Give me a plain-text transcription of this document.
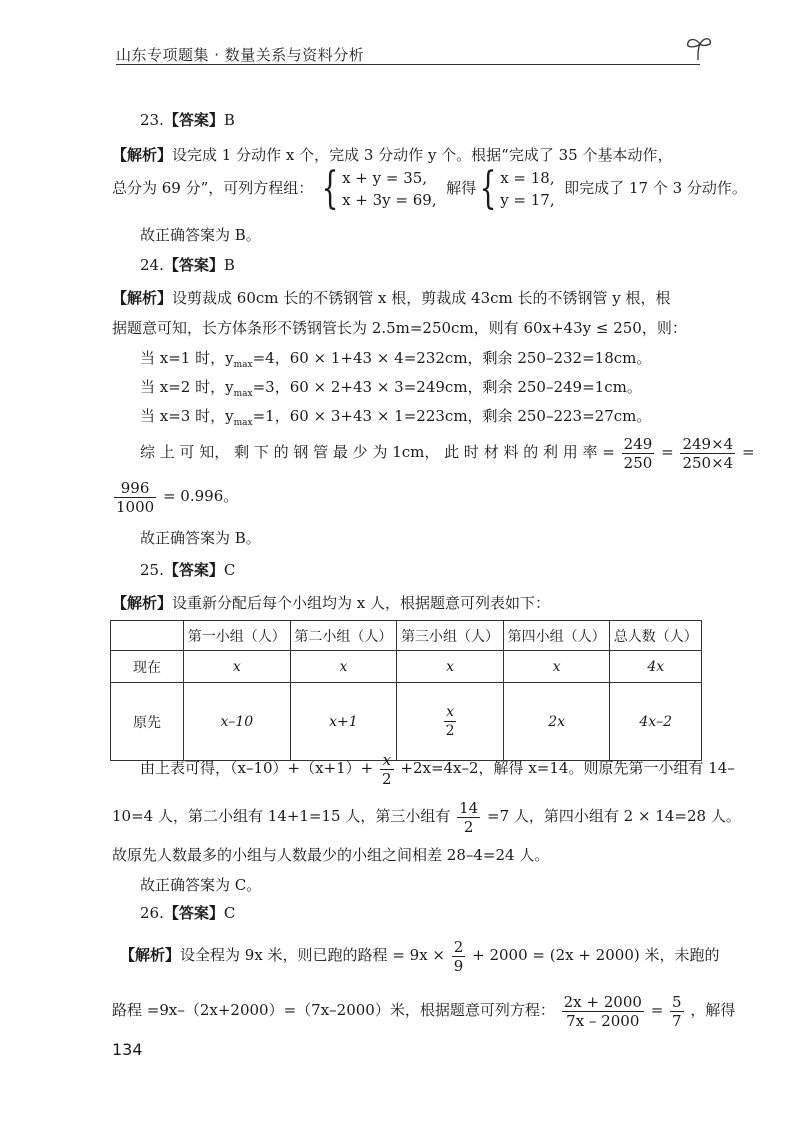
山东专项题集 · 数量关系与资料分析
23.【答案】B
【解析】设完成 1 分动作 x 个，完成 3 分动作 y 个。根据“完成了 35 个基本动作，
总分为 69 分”，可列方程组： { x + y = 35,
x + 3y = 69,
解得{ x = 18,
y = 17,
即完成了 17 个 3 分动作。
故正确答案为 B。
24.【答案】B
【解析】设剪裁成 60cm 长的不锈钢管 x 根，剪裁成 43cm 长的不锈钢管 y 根，根
据题意可知，长方体条形不锈钢管长为 2.5m=250cm，则有 60x+43y ≤ 250，则：
当 x=1 时，$y_{max}=4$，60 × 1+43 × 4=232cm，剩余 250–232=18cm。
当 x=2 时，$y_{max}=3$，60 × 2+43 × 3=249cm，剩余 250–249=1cm。
当 x=3 时，$y_{max}=1$，60 × 3+43 × 1=223cm，剩余 250–223=27cm。
综 上 可 知， 剩 下 的 钢 管 最 少 为 1cm， 此 时 材 料 的 利 用 率 = $\frac{249}{250} = \frac{249\times 4}{250\times 4}$ =
$\frac{996}{1000} = 0.996$。
故正确答案为 B。
25.【答案】C
【解析】设重新分配后每个小组均为 x 人，根据题意可列表如下：
	第一小组（人）	第二小组（人）	第三小组（人）	第四小组（人）	总人数（人）
现在	x	x	x	x	4x
原先	x–10	x+1	$\frac{x}{2}$	2x	4x–2
由上表可得，$(x-10)+(x+1)+ \frac{x}{2} +2x=4x-2$，解得 x=14。则原先第一小组有 14–
10=4 人，第二小组有 14+1=15 人，第三小组有 $\frac{14}{2} =7$ 人，第四小组有 2 × 14=28 人。
故原先人数最多的小组与人数最少的小组之间相差 28–4=24 人。
故正确答案为 C。
26.【答案】C
【解析】设全程为 9x 米，则已跑的路程 = $9x \times \frac{2}{9} + 2000 = (2x + 2000)$ 米，未跑的
路程 =9x–（2x+2000）=（7x–2000）米，根据题意可列方程： $\frac{2x + 2000}{7x - 2000} = \frac{5}{7}$ ，解得
134
